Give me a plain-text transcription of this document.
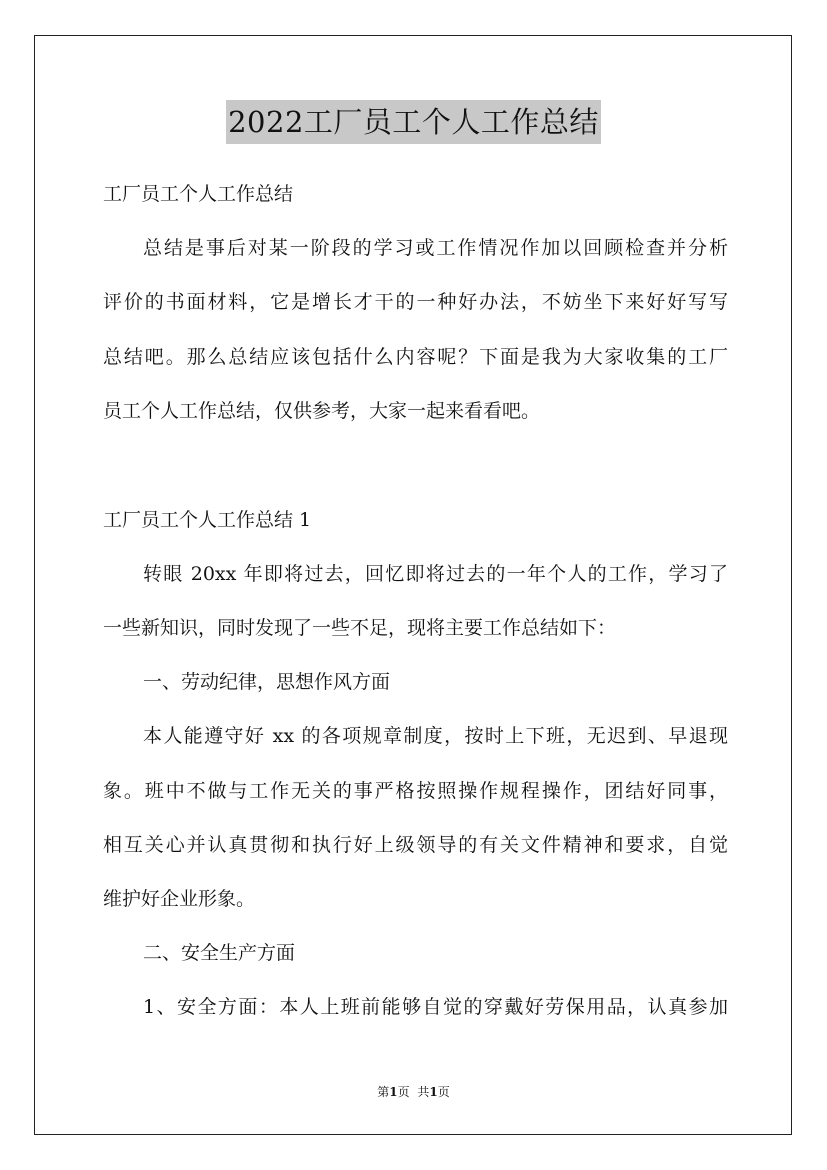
2022工厂员工个人工作总结
工厂员工个人工作总结
总结是事后对某一阶段的学习或工作情况作加以回顾检查并分析
评价的书面材料，它是增长才干的一种好办法，不妨坐下来好好写写
总结吧。那么总结应该包括什么内容呢？下面是我为大家收集的工厂
员工个人工作总结，仅供参考，大家一起来看看吧。
工厂员工个人工作总结 1
转眼 20xx 年即将过去，回忆即将过去的一年个人的工作，学习了
一些新知识，同时发现了一些不足，现将主要工作总结如下：
一、劳动纪律，思想作风方面
本人能遵守好 xx 的各项规章制度，按时上下班，无迟到、早退现
象。班中不做与工作无关的事严格按照操作规程操作，团结好同事，
相互关心并认真贯彻和执行好上级领导的有关文件精神和要求，自觉
维护好企业形象。
二、安全生产方面
1、安全方面：本人上班前能够自觉的穿戴好劳保用品，认真参加
第1页 共1页
